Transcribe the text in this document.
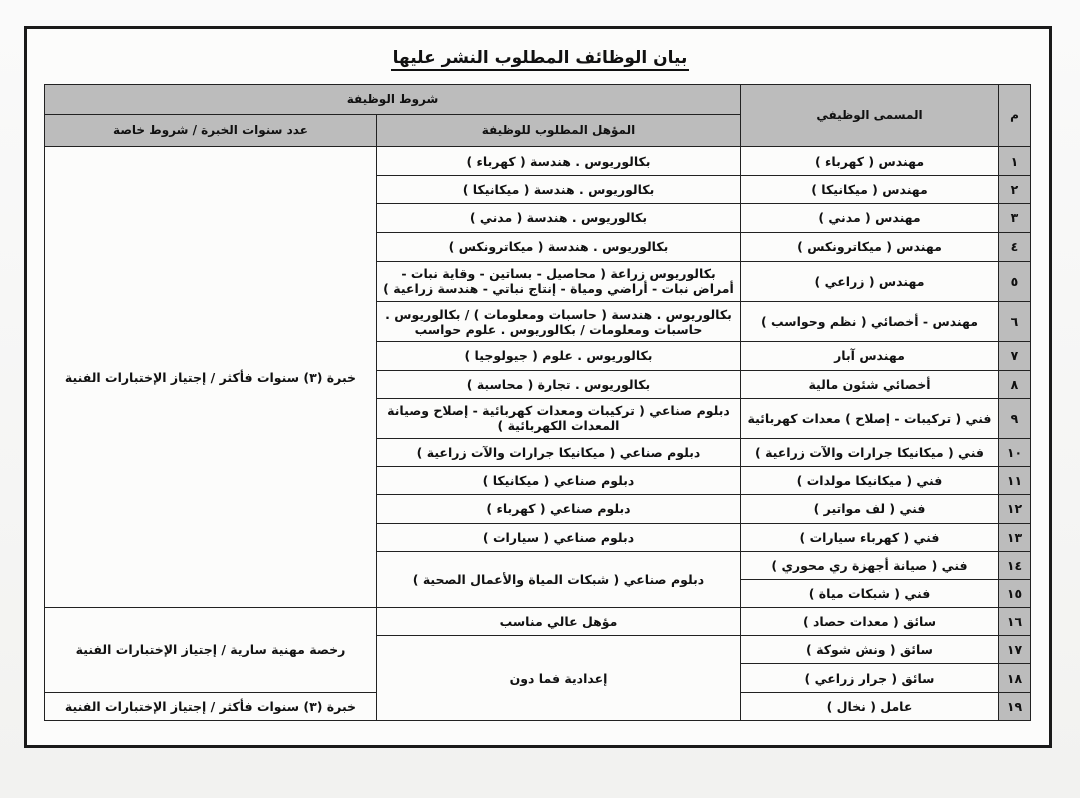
بيان الوظائف المطلوب النشر عليها
م	المسمى الوظيفي	شروط الوظيفة	
		المؤهل المطلوب للوظيفة	عدد سنوات الخبرة / شروط خاصة
١	مهندس ( كهرباء )	بكالوريوس . هندسة ( كهرباء )	خبرة (٣) سنوات فأكثر / إجتياز الإختبارات الفنية
٢	مهندس ( ميكانيكا )	بكالوريوس . هندسة ( ميكانيكا )	
٣	مهندس ( مدني )	بكالوريوس . هندسة ( مدني )	
٤	مهندس ( ميكاترونكس )	بكالوريوس . هندسة ( ميكاترونكس )	
٥	مهندس ( زراعي )	بكالوريوس زراعة ( محاصيل - بساتين - وقاية نبات - أمراض نبات - أراضي ومياة - إنتاج نباتي - هندسة زراعية )	
٦	مهندس - أخصائي ( نظم وحواسب )	بكالوريوس . هندسة ( حاسبات ومعلومات ) / بكالوريوس . حاسبات ومعلومات / بكالوريوس . علوم حواسب	
٧	مهندس آبار	بكالوريوس . علوم ( جيولوجيا )	
٨	أخصائي شئون مالية	بكالوريوس . تجارة ( محاسبة )	
٩	فني ( تركيبات - إصلاح ) معدات كهربائية	دبلوم صناعي ( تركيبات ومعدات كهربائية - إصلاح وصيانة المعدات الكهربائية )	
١٠	فني ( ميكانيكا جرارات والآت زراعية )	دبلوم صناعي ( ميكانيكا جرارات والآت زراعية )	
١١	فني ( ميكانيكا مولدات )	دبلوم صناعي ( ميكانيكا )	
١٢	فني ( لف مواتير )	دبلوم صناعي ( كهرباء )	
١٣	فني ( كهرباء سيارات )	دبلوم صناعي ( سيارات )	
١٤	فني ( صيانة أجهزة ري محوري )	دبلوم صناعي ( شبكات المياة والأعمال الصحية )	
١٥	فني ( شبكات مياة )		
١٦	سائق ( معدات حصاد )	مؤهل عالي مناسب	رخصة مهنية سارية / إجتياز الإختبارات الفنية
١٧	سائق ( ونش شوكة )	إعدادية فما دون	
١٨	سائق ( جرار زراعي )		
١٩	عامل ( نخال )		خبرة (٣) سنوات فأكثر / إجتياز الإختبارات الفنية
